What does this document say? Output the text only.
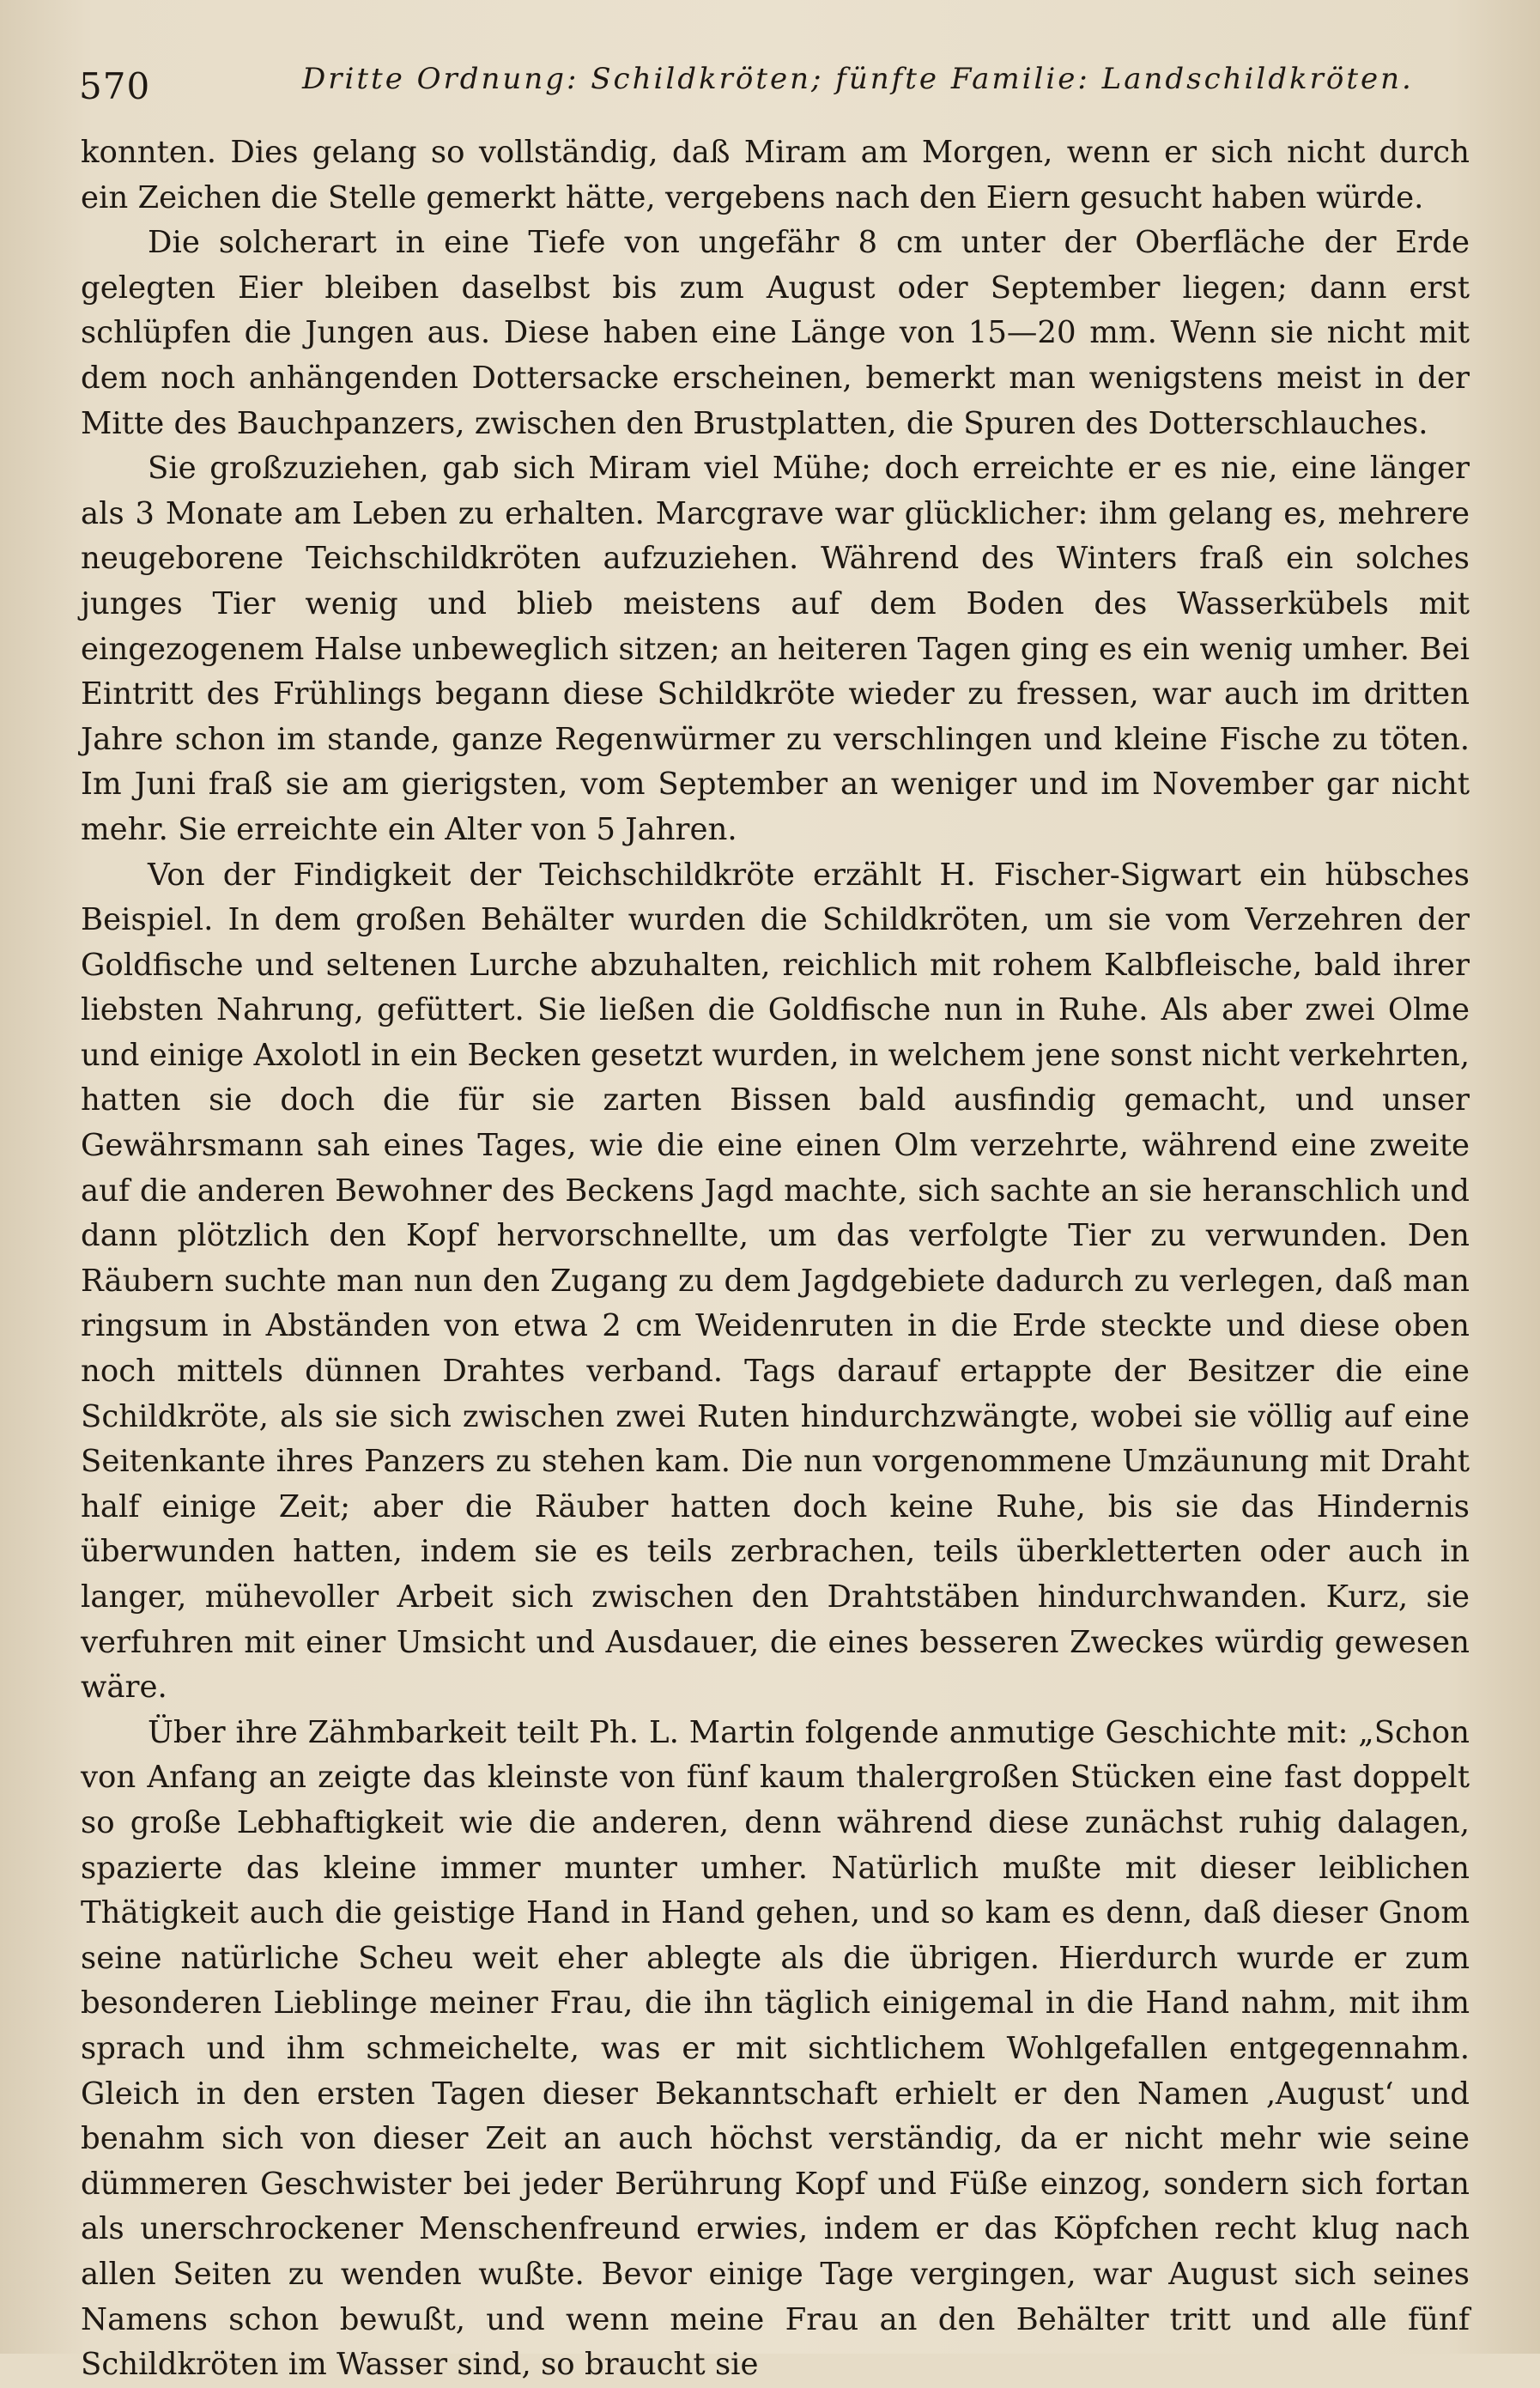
570	Dritte Ordnung: Schildkröten; fünfte Familie: Landschildkröten.

konnten. Dies gelang so vollständig, daß Miram am Morgen, wenn er sich nicht durch ein Zeichen die Stelle gemerkt hätte, vergebens nach den Eiern gesucht haben würde.

Die solcherart in eine Tiefe von ungefähr 8 cm unter der Oberfläche der Erde gelegten Eier bleiben daselbst bis zum August oder September liegen; dann erst schlüpfen die Jungen aus. Diese haben eine Länge von 15—20 mm. Wenn sie nicht mit dem noch anhängenden Dottersacke erscheinen, bemerkt man wenigstens meist in der Mitte des Bauchpanzers, zwischen den Brustplatten, die Spuren des Dotterschlauches.

Sie großzuziehen, gab sich Miram viel Mühe; doch erreichte er es nie, eine länger als 3 Monate am Leben zu erhalten. Marcgrave war glücklicher: ihm gelang es, mehrere neugeborene Teichschildkröten aufzuziehen. Während des Winters fraß ein solches junges Tier wenig und blieb meistens auf dem Boden des Wasserkübels mit eingezogenem Halse unbeweglich sitzen; an heiteren Tagen ging es ein wenig umher. Bei Eintritt des Frühlings begann diese Schildkröte wieder zu fressen, war auch im dritten Jahre schon im stande, ganze Regenwürmer zu verschlingen und kleine Fische zu töten. Im Juni fraß sie am gierigsten, vom September an weniger und im November gar nicht mehr. Sie erreichte ein Alter von 5 Jahren.

Von der Findigkeit der Teichschildkröte erzählt H. Fischer-Sigwart ein hübsches Beispiel. In dem großen Behälter wurden die Schildkröten, um sie vom Verzehren der Goldfische und seltenen Lurche abzuhalten, reichlich mit rohem Kalbfleische, bald ihrer liebsten Nahrung, gefüttert. Sie ließen die Goldfische nun in Ruhe. Als aber zwei Olme und einige Axolotl in ein Becken gesetzt wurden, in welchem jene sonst nicht verkehrten, hatten sie doch die für sie zarten Bissen bald ausfindig gemacht, und unser Gewährsmann sah eines Tages, wie die eine einen Olm verzehrte, während eine zweite auf die anderen Bewohner des Beckens Jagd machte, sich sachte an sie heranschlich und dann plötzlich den Kopf hervorschnellte, um das verfolgte Tier zu verwunden. Den Räubern suchte man nun den Zugang zu dem Jagdgebiete dadurch zu verlegen, daß man ringsum in Abständen von etwa 2 cm Weidenruten in die Erde steckte und diese oben noch mittels dünnen Drahtes verband. Tags darauf ertappte der Besitzer die eine Schildkröte, als sie sich zwischen zwei Ruten hindurchzwängte, wobei sie völlig auf eine Seitenkante ihres Panzers zu stehen kam. Die nun vorgenommene Umzäunung mit Draht half einige Zeit; aber die Räuber hatten doch keine Ruhe, bis sie das Hindernis überwunden hatten, indem sie es teils zerbrachen, teils überkletterten oder auch in langer, mühevoller Arbeit sich zwischen den Drahtstäben hindurchwanden. Kurz, sie verfuhren mit einer Umsicht und Ausdauer, die eines besseren Zweckes würdig gewesen wäre.

Über ihre Zähmbarkeit teilt Ph. L. Martin folgende anmutige Geschichte mit: „Schon von Anfang an zeigte das kleinste von fünf kaum thalergroßen Stücken eine fast doppelt so große Lebhaftigkeit wie die anderen, denn während diese zunächst ruhig dalagen, spazierte das kleine immer munter umher. Natürlich mußte mit dieser leiblichen Thätigkeit auch die geistige Hand in Hand gehen, und so kam es denn, daß dieser Gnom seine natürliche Scheu weit eher ablegte als die übrigen. Hierdurch wurde er zum besonderen Lieblinge meiner Frau, die ihn täglich einigemal in die Hand nahm, mit ihm sprach und ihm schmeichelte, was er mit sichtlichem Wohlgefallen entgegennahm. Gleich in den ersten Tagen dieser Bekanntschaft erhielt er den Namen ‚August‘ und benahm sich von dieser Zeit an auch höchst verständig, da er nicht mehr wie seine dümmeren Geschwister bei jeder Berührung Kopf und Füße einzog, sondern sich fortan als unerschrockener Menschenfreund erwies, indem er das Köpfchen recht klug nach allen Seiten zu wenden wußte. Bevor einige Tage vergingen, war August sich seines Namens schon bewußt, und wenn meine Frau an den Behälter tritt und alle fünf Schildkröten im Wasser sind, so braucht sie
